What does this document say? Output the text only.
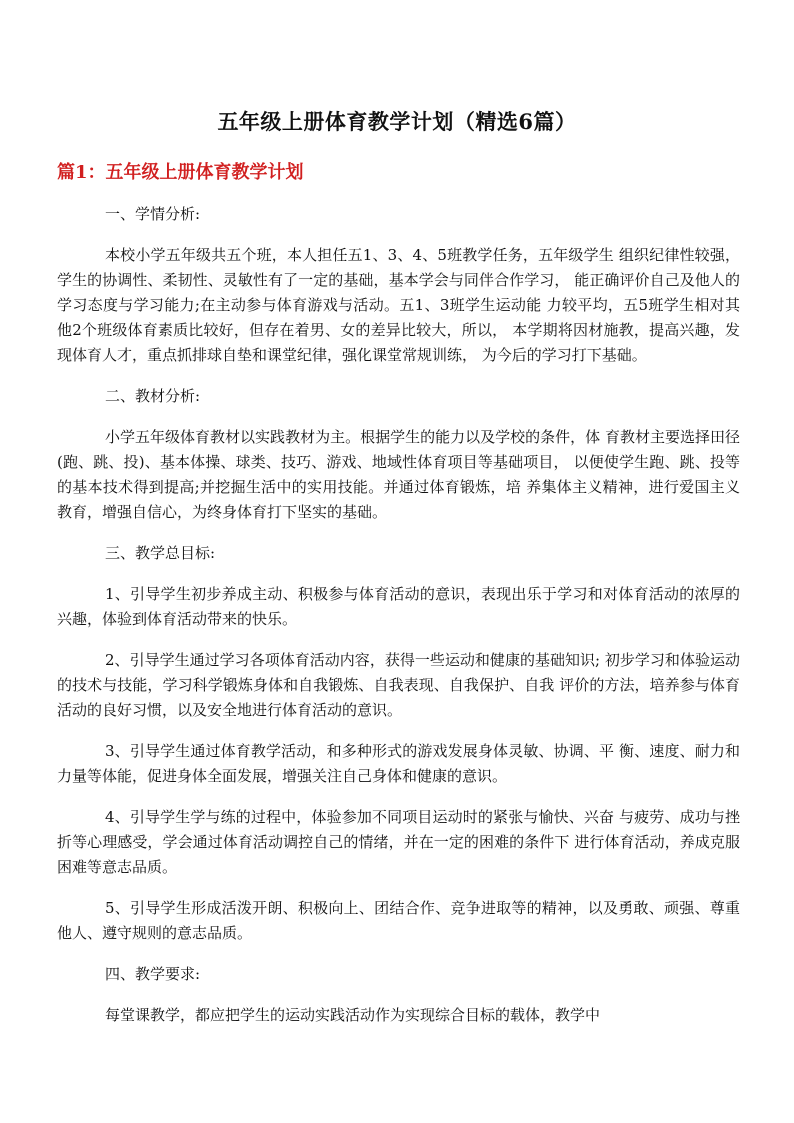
五年级上册体育教学计划（精选6篇）
篇1：五年级上册体育教学计划

一、学情分析:

本校小学五年级共五个班，本人担任五1、3、4、5班教学任务，五年级学生 组织纪律性较强，学生的协调性、柔韧性、灵敏性有了一定的基础，基本学会与同伴合作学习， 能正确评价自己及他人的学习态度与学习能力;在主动参与体育游戏与活动。五1、3班学生运动能 力较平均，五5班学生相对其他2个班级体育素质比较好，但存在着男、女的差异比较大，所以， 本学期将因材施教，提高兴趣，发现体育人才，重点抓排球自垫和课堂纪律，强化课堂常规训练， 为今后的学习打下基础。

二、教材分析:

小学五年级体育教材以实践教材为主。根据学生的能力以及学校的条件，体 育教材主要选择田径(跑、跳、投)、基本体操、球类、技巧、游戏、地域性体育项目等基础项目， 以便使学生跑、跳、投等的基本技术得到提高;并挖掘生活中的实用技能。并通过体育锻炼，培 养集体主义精神，进行爱国主义教育，增强自信心，为终身体育打下坚实的基础。

三、教学总目标:

1、引导学生初步养成主动、积极参与体育活动的意识，表现出乐于学习和对体育活动的浓厚的兴趣，体验到体育活动带来的快乐。

2、引导学生通过学习各项体育活动内容，获得一些运动和健康的基础知识; 初步学习和体验运动的技术与技能，学习科学锻炼身体和自我锻炼、自我表现、自我保护、自我 评价的方法，培养参与体育活动的良好习惯，以及安全地进行体育活动的意识。

3、引导学生通过体育教学活动，和多种形式的游戏发展身体灵敏、协调、平 衡、速度、耐力和力量等体能，促进身体全面发展，增强关注自己身体和健康的意识。

4、引导学生学与练的过程中，体验参加不同项目运动时的紧张与愉快、兴奋 与疲劳、成功与挫折等心理感受，学会通过体育活动调控自己的情绪，并在一定的困难的条件下 进行体育活动，养成克服困难等意志品质。

5、引导学生形成活泼开朗、积极向上、团结合作、竞争进取等的精神，以及勇敢、顽强、尊重他人、遵守规则的意志品质。

四、教学要求:

每堂课教学，都应把学生的运动实践活动作为实现综合目标的载体，教学中
